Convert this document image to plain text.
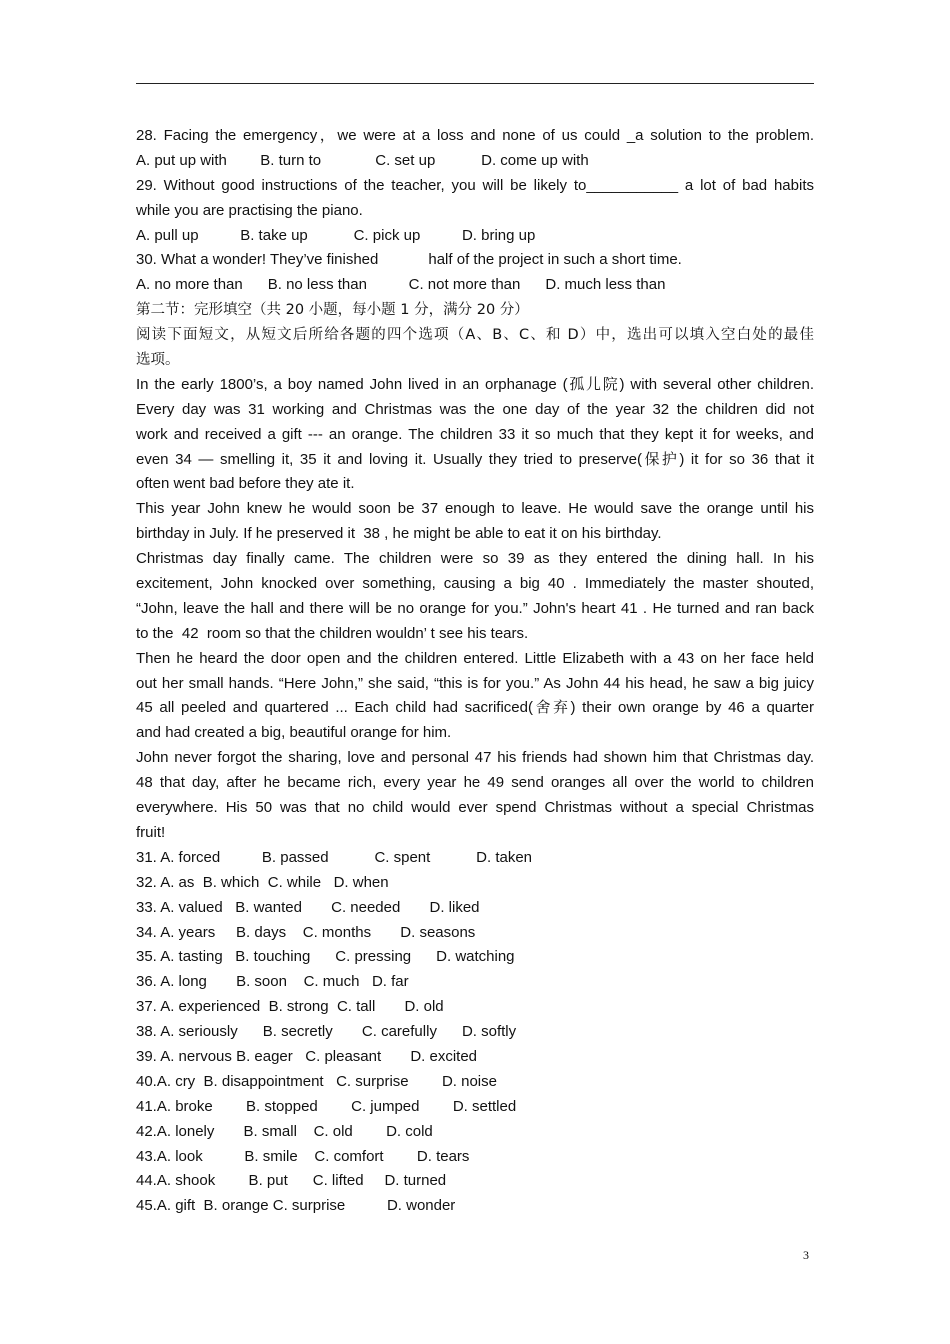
28. Facing the emergency，we were at a loss and none of us could _a solution to the problem.
A. put up with        B. turn to             C. set up           D. come up with
29. Without good instructions of the teacher, you will be likely to___________ a lot of bad habits
while you are practising the piano.
A. pull up          B. take up           C. pick up          D. bring up
30. What a wonder! They’ve finished            half of the project in such a short time.
A. no more than      B. no less than          C. not more than      D. much less than
第二节：完形填空（共 20 小题，每小题 1 分，满分 20 分）
阅读下面短文，从短文后所给各题的四个选项（A、B、C、和 D）中，选出可以填入空白处的最佳
选项。
In the early 1800’s, a boy named John lived in an orphanage (孤儿院) with several other children.
Every day was 31 working and Christmas was the one day of the year 32 the children did not
work and received a gift --- an orange. The children 33 it so much that they kept it for weeks, and
even 34 — smelling it, 35 it and loving it. Usually they tried to preserve(保护) it for so 36 that it
often went bad before they ate it.
This year John knew he would soon be 37 enough to leave. He would save the orange until his
birthday in July. If he preserved it  38 , he might be able to eat it on his birthday.
Christmas day finally came. The children were so 39 as they entered the dining hall. In his
excitement, John knocked over something, causing a big 40 . Immediately the master shouted,
“John, leave the hall and there will be no orange for you.” John's heart 41 . He turned and ran back
to the  42  room so that the children wouldn’ t see his tears.
Then he heard the door open and the children entered. Little Elizabeth with a 43 on her face held
out her small hands. “Here John,” she said, “this is for you.” As John 44 his head, he saw a big juicy
45 all peeled and quartered ... Each child had sacrificed(舍弃) their own orange by 46 a quarter
and had created a big, beautiful orange for him.
John never forgot the sharing, love and personal 47 his friends had shown him that Christmas day.
48 that day, after he became rich, every year he 49 send oranges all over the world to children
everywhere. His 50 was that no child would ever spend Christmas without a special Christmas
fruit!
31. A. forced          B. passed           C. spent           D. taken
32. A. as  B. which  C. while   D. when
33. A. valued   B. wanted       C. needed       D. liked
34. A. years     B. days    C. months       D. seasons
35. A. tasting   B. touching      C. pressing      D. watching
36. A. long       B. soon    C. much   D. far
37. A. experienced  B. strong  C. tall       D. old
38. A. seriously      B. secretly       C. carefully      D. softly
39. A. nervous B. eager   C. pleasant       D. excited
40.A. cry  B. disappointment   C. surprise        D. noise
41.A. broke        B. stopped        C. jumped        D. settled
42.A. lonely       B. small    C. old        D. cold
43.A. look          B. smile    C. comfort        D. tears
44.A. shook        B. put      C. lifted     D. turned
45.A. gift  B. orange C. surprise          D. wonder
3
